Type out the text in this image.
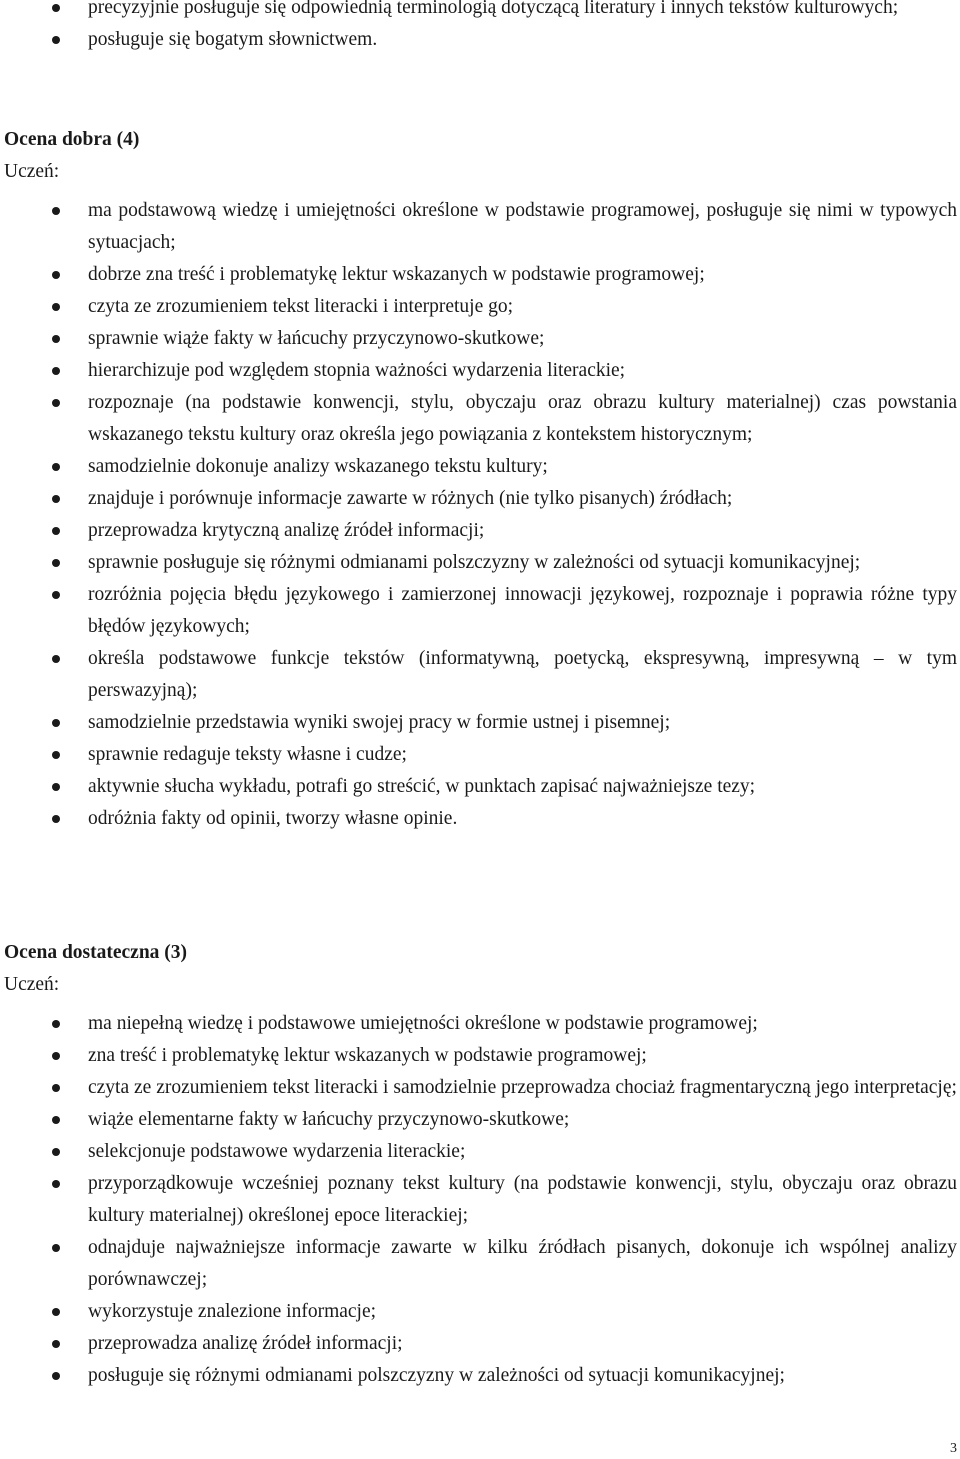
precyzyjnie posługuje się odpowiednią terminologią dotyczącą literatury i innych tekstów kulturowych;
posługuje się bogatym słownictwem.

Ocena dobra (4)

Uczeń:

ma podstawową wiedzę i umiejętności określone w podstawie programowej, posługuje się nimi w typowych sytuacjach;
dobrze zna treść i problematykę lektur wskazanych w podstawie programowej;
czyta ze zrozumieniem tekst literacki i interpretuje go;
sprawnie wiąże fakty w łańcuchy przyczynowo-skutkowe;
hierarchizuje pod względem stopnia ważności wydarzenia literackie;
rozpoznaje (na podstawie konwencji, stylu, obyczaju oraz obrazu kultury materialnej) czas powstania wskazanego tekstu kultury oraz określa jego powiązania z kontekstem historycznym;
samodzielnie dokonuje analizy wskazanego tekstu kultury;
znajduje i porównuje informacje zawarte w różnych (nie tylko pisanych) źródłach;
przeprowadza krytyczną analizę źródeł informacji;
sprawnie posługuje się różnymi odmianami polszczyzny w zależności od sytuacji komunikacyjnej;
rozróżnia pojęcia błędu językowego i zamierzonej innowacji językowej, rozpoznaje i poprawia różne typy błędów językowych;
określa podstawowe funkcje tekstów (informatywną, poetycką, ekspresywną, impresywną – w tym perswazyjną);
samodzielnie przedstawia wyniki swojej pracy w formie ustnej i pisemnej;
sprawnie redaguje teksty własne i cudze;
aktywnie słucha wykładu, potrafi go streścić, w punktach zapisać najważniejsze tezy;
odróżnia fakty od opinii, tworzy własne opinie.

Ocena dostateczna (3)

Uczeń:

ma niepełną wiedzę i podstawowe umiejętności określone w podstawie programowej;
zna treść i problematykę lektur wskazanych w podstawie programowej;
czyta ze zrozumieniem tekst literacki i samodzielnie przeprowadza chociaż fragmentaryczną jego interpretację;
wiąże elementarne fakty w łańcuchy przyczynowo-skutkowe;
selekcjonuje podstawowe wydarzenia literackie;
przyporządkowuje wcześniej poznany tekst kultury (na podstawie konwencji, stylu, obyczaju oraz obrazu kultury materialnej) określonej epoce literackiej;
odnajduje najważniejsze informacje zawarte w kilku źródłach pisanych, dokonuje ich wspólnej analizy porównawczej;
wykorzystuje znalezione informacje;
przeprowadza analizę źródeł informacji;
posługuje się różnymi odmianami polszczyzny w zależności od sytuacji komunikacyjnej;
3
